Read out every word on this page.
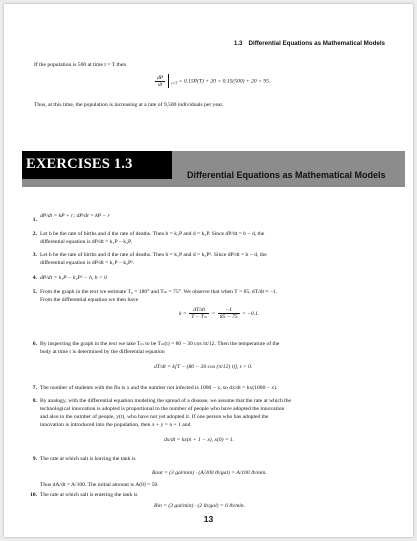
1.3 Differential Equations as Mathematical Models
If the population is 500 at time t = T then
$\frac{dP}{dt} _{t=T} = 0.15P(T) + 20 = 0.15(500) + 20 = 95$.
Thus, at this time, the population is increasing at a rate of 9,500 individuals per year.
EXERCISES 1.3
Differential Equations as Mathematical Models
1.
dP/dt = kP + r; dP/dt = kP − r
2. Let b be the rate of births and d the rate of deaths. Then b = k₁P and d = k₂P. Since dP/dt = b − d, the
differential equation is dP/dt = k₁P − k₂P.
3. Let b be the rate of births and d the rate of deaths. Then b = k₁P and d = k₂P². Since dP/dt = b − d, the
differential equation is dP/dt = k₁P − k₂P².
4. dP/dt = k₁P − k₂P² − h, h > 0
5. From the graph in the text we estimate T₀ = 180° and Tₘ = 75°. We observe that when T = 85, dT/dt ≈ −1.
From the differential equation we then have
$k = \frac{dT/dt}{\text{T − Tₘ}} = \frac{-1}{85 - 75} = -0.1$.
6. By inspecting the graph in the text we take Tₘ to be Tₘ(t) = 80 − 30 cos πt/12. Then the temperature of the
body at time t is determined by the differential equation
dT/dt = k[T − (80 − 30 cos (π/12) t)], t > 0.
7. The number of students with the flu is x and the number not infected is 1000 − x, so dx/dt = kx(1000 − x).
8. By analogy, with the differential equation modeling the spread of a disease, we assume that the rate at which the
technological innovation is adopted is proportional to the number of people who have adopted the innovation
and also to the number of people, y(t), who have not yet adopted it. If one person who has adopted the
innovation is introduced into the population, then x + y = n + 1 and
dx/dt = kx(n + 1 − x), x(0) = 1.
9. The rate at which salt is leaving the tank is
Rout = (3 gal/min) · (A/300 lb/gal) = A/100 lb/min.
Thus dA/dt = A/100. The initial amount is A(0) = 50.
10. The rate at which salt is entering the tank is
Rin = (3 gal/min) · (2 lb/gal) = 6 lb/min.
13
